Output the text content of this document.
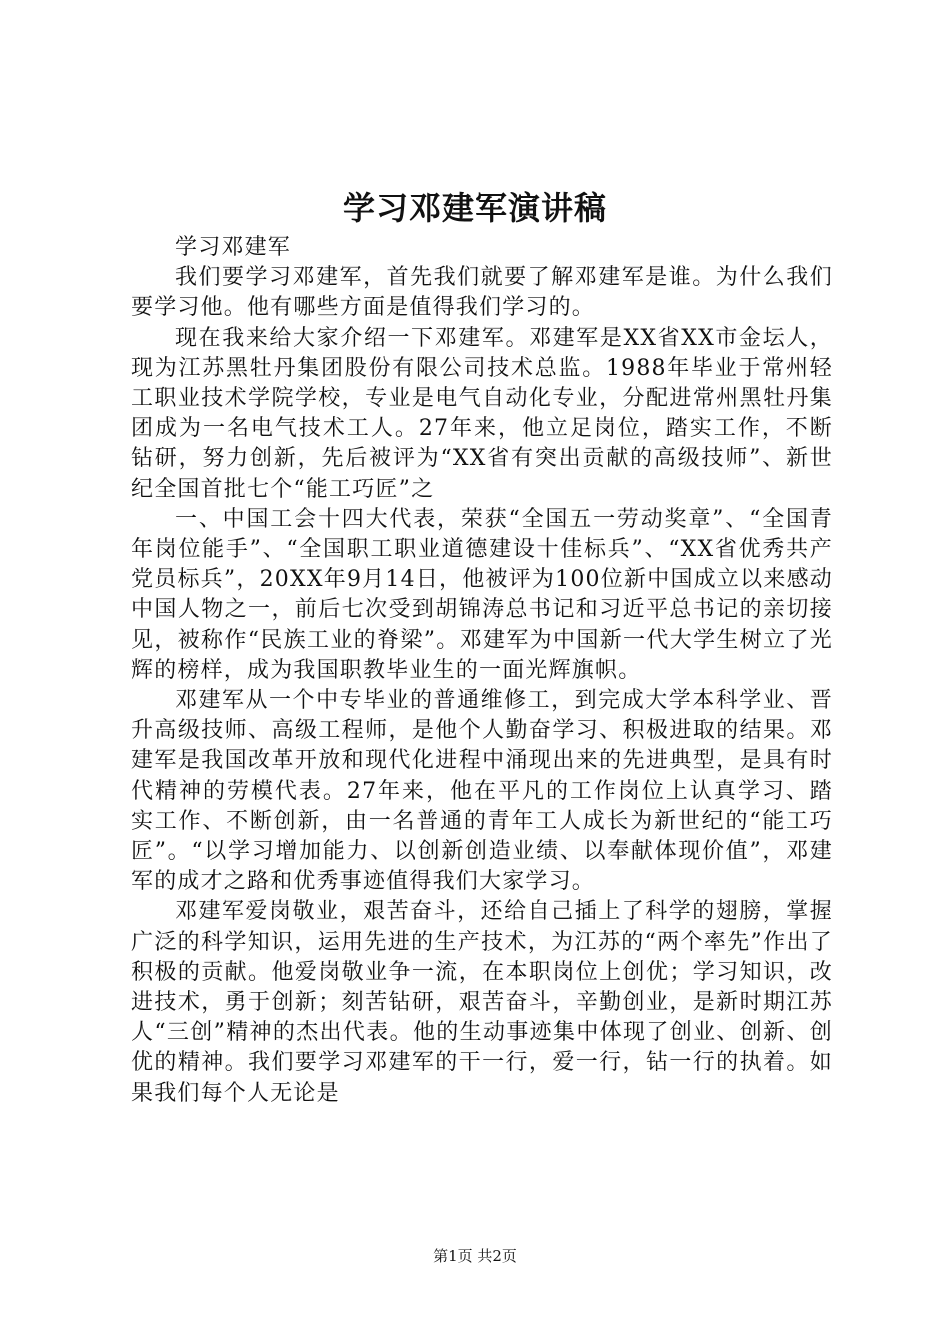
学习邓建军演讲稿

学习邓建军

我们要学习邓建军，首先我们就要了解邓建军是谁。为什么我们要学习他。他有哪些方面是值得我们学习的。

现在我来给大家介绍一下邓建军。邓建军是XX省XX市金坛人，现为江苏黑牡丹集团股份有限公司技术总监。1988年毕业于常州轻工职业技术学院学校，专业是电气自动化专业，分配进常州黑牡丹集团成为一名电气技术工人。27年来，他立足岗位，踏实工作，不断钻研，努力创新，先后被评为“XX省有突出贡献的高级技师”、新世纪全国首批七个“能工巧匠”之

一、中国工会十四大代表，荣获“全国五一劳动奖章”、“全国青年岗位能手”、“全国职工职业道德建设十佳标兵”、“XX省优秀共产党员标兵”，20XX年9月14日，他被评为100位新中国成立以来感动中国人物之一，前后七次受到胡锦涛总书记和习近平总书记的亲切接见，被称作“民族工业的脊梁”。邓建军为中国新一代大学生树立了光辉的榜样，成为我国职教毕业生的一面光辉旗帜。

邓建军从一个中专毕业的普通维修工，到完成大学本科学业、晋升高级技师、高级工程师，是他个人勤奋学习、积极进取的结果。邓建军是我国改革开放和现代化进程中涌现出来的先进典型，是具有时代精神的劳模代表。27年来，他在平凡的工作岗位上认真学习、踏实工作、不断创新，由一名普通的青年工人成长为新世纪的“能工巧匠”。“以学习增加能力、以创新创造业绩、以奉献体现价值”，邓建军的成才之路和优秀事迹值得我们大家学习。

邓建军爱岗敬业，艰苦奋斗，还给自己插上了科学的翅膀，掌握广泛的科学知识，运用先进的生产技术，为江苏的“两个率先”作出了积极的贡献。他爱岗敬业争一流，在本职岗位上创优；学习知识，改进技术，勇于创新；刻苦钻研，艰苦奋斗，辛勤创业，是新时期江苏人“三创”精神的杰出代表。他的生动事迹集中体现了创业、创新、创优的精神。我们要学习邓建军的干一行，爱一行，钻一行的执着。如果我们每个人无论是

第1页 共2页
